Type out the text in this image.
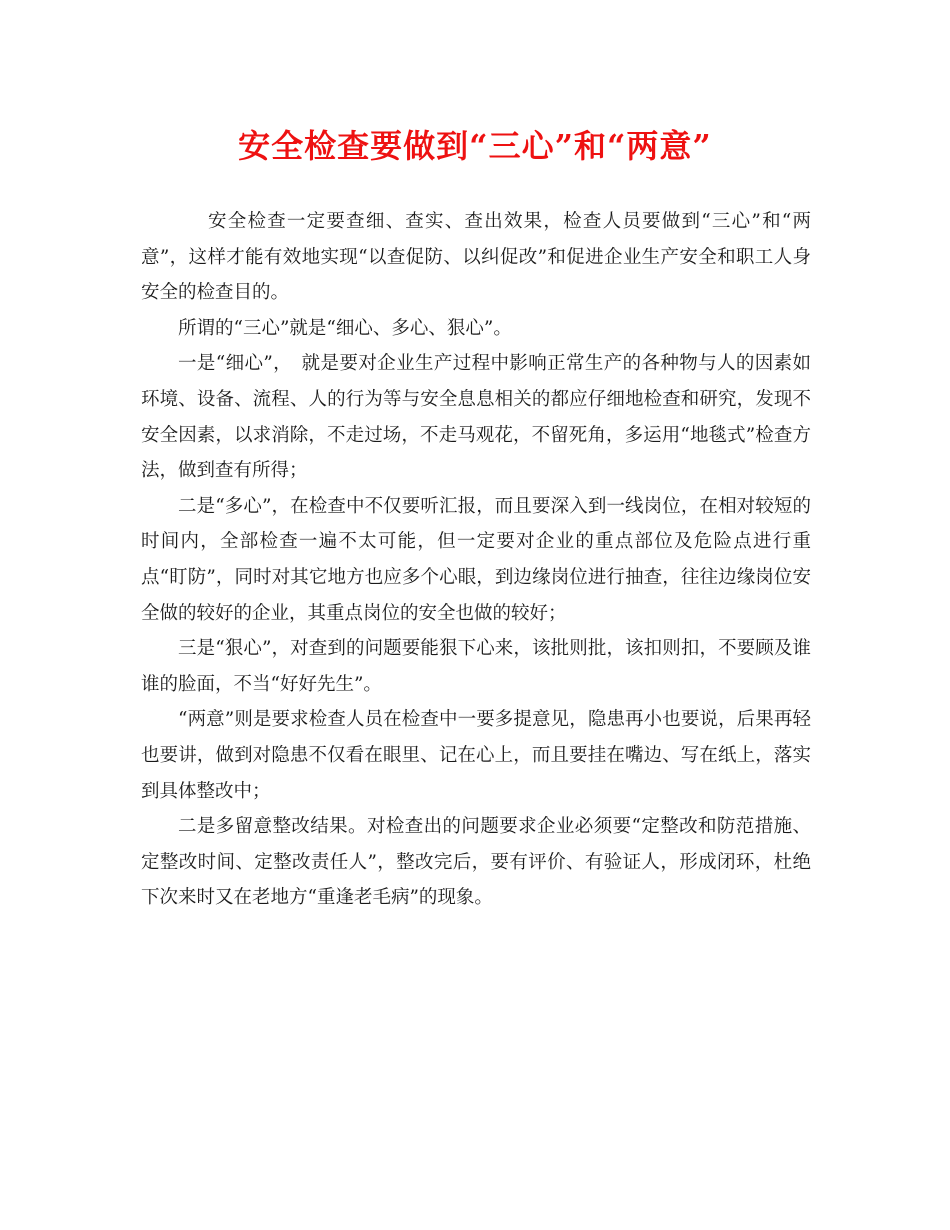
安全检查要做到“三心”和“两意”

安全检查一定要查细、查实、查出效果，检查人员要做到“三心”和“两意”，这样才能有效地实现“以查促防、以纠促改”和促进企业生产安全和职工人身安全的检查目的。

所谓的“三心”就是“细心、多心、狠心”。

一是“细心”，　就是要对企业生产过程中影响正常生产的各种物与人的因素如环境、设备、流程、人的行为等与安全息息相关的都应仔细地检查和研究，发现不安全因素，以求消除，不走过场，不走马观花，不留死角，多运用“地毯式”检查方法，做到查有所得；

二是“多心”，在检查中不仅要听汇报，而且要深入到一线岗位，在相对较短的时间内，全部检查一遍不太可能，但一定要对企业的重点部位及危险点进行重点“盯防”，同时对其它地方也应多个心眼，到边缘岗位进行抽查，往往边缘岗位安全做的较好的企业，其重点岗位的安全也做的较好；

三是“狠心”，对查到的问题要能狠下心来，该批则批，该扣则扣，不要顾及谁谁的脸面，不当“好好先生”。

“两意”则是要求检查人员在检查中一要多提意见，隐患再小也要说，后果再轻也要讲，做到对隐患不仅看在眼里、记在心上，而且要挂在嘴边、写在纸上，落实到具体整改中；

二是多留意整改结果。对检查出的问题要求企业必须要“定整改和防范措施、定整改时间、定整改责任人”，整改完后，要有评价、有验证人，形成闭环，杜绝下次来时又在老地方“重逢老毛病”的现象。
